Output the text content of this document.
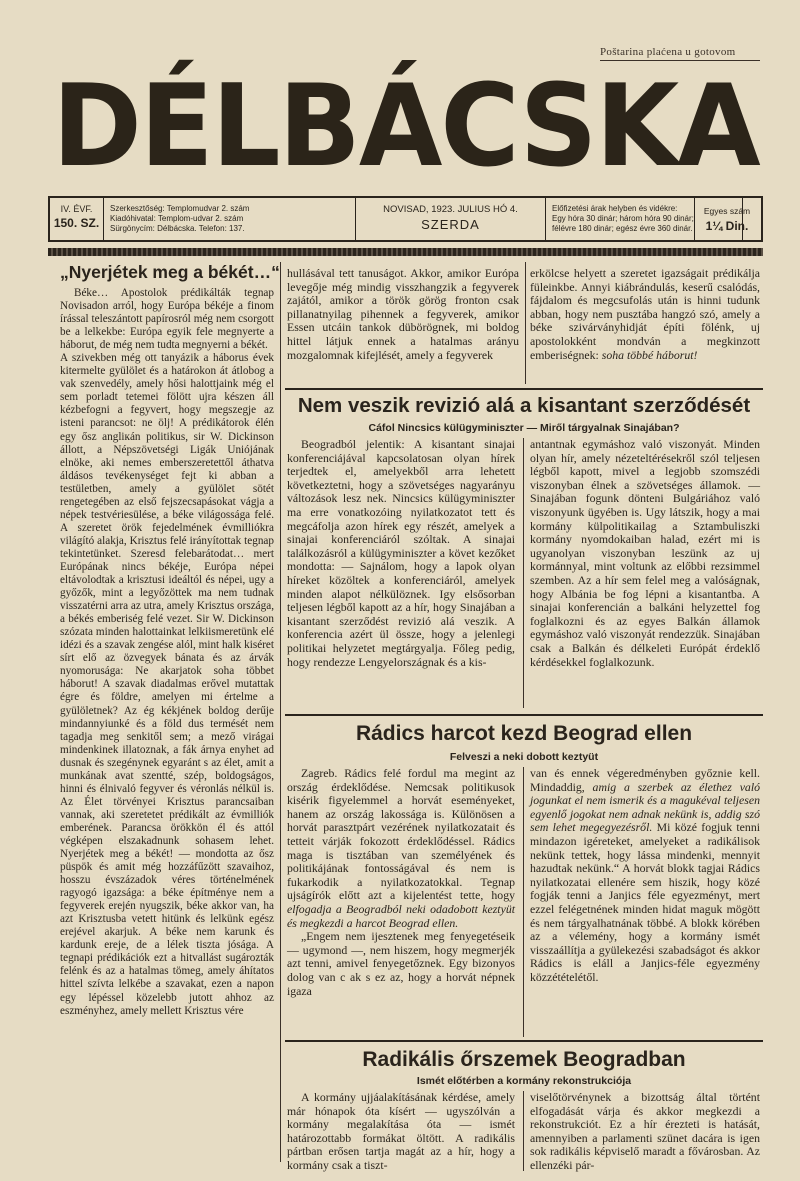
Poštarina plaćena u gotovom
DÉLBÁCSKA
IV. ÉVF.
150. SZ.
Szerkesztőség: Templomudvar 2. szám
Kiadóhivatal: Templom-udvar 2. szám
Sürgönycím: Délbácska. Telefon: 137.
NOVISAD, 1923. JULIUS HÓ 4.
SZERDA
Előfizetési árak helyben és vidékre:
Egy hóra 30 dinár; három hóra 90 dinár;
félévre 180 dinár; egész évre 360 dinár.
Egyes szám
1¼ Din.
„Nyerjétek meg a békét…“

Béke… Apostolok prédikálták tegnap Novisadon arról, hogy Európa békéje a finom írással teleszántott papírosról még nem csorgott be a lelkekbe: Európa egyik fele megnyerte a háborut, de még nem tudta megnyerni a békét.

A szivekben még ott tanyázik a háborus évek kitermelte gyülölet és a határokon át átlobog a vak szenvedély, amely hősi halottjaink még el sem porladt tetemei fölött ujra készen áll kézbefogni a fegyvert, hogy megszegje az isteni parancsot: ne ölj! A prédikátorok élén egy ősz angliкán politikus, sir W. Dickinson állott, a Népszövetségi Ligák Uniójának elnöke, aki nemes emberszeretettől áthatva áldásos tevékenységet fejt ki abban a testületben, amely a gyülölet sötét rengetegében az első fejszecsapásokat vágja a népek testvériesülése, a béke világossága felé. A szeretet örök fejedelmének évmilliókra világító alakja, Krisztus felé irányítottak tegnap tekintetünket. Szeresd felebarátodat… mert Európának nincs békéje, Európa népei eltávolodtak a krisztusi ideáltól és népei, ugy a győzők, mint a legyőzöttek ma nem tudnak visszatérni arra az utra, amely Krisztus országa, a békés emberiség felé vezet. Sir W. Dickinson szózata minden halottainkat lelkiismeretünk elé idézi és a szavak zengése alól, mint halk kiséret sírt elő az özvegyek bánata és az árvák nyomorusága: Ne akarjatok soha többet háborut! A szavak diadalmas erővel mutattak égre és földre, amelyen mi értelme a gyülöletnek? Az ég kékjének boldog derűje mindannyiunké és a föld dus termését nem tagadja meg senkitől sem; a mező virágai mindenkinek illatoznak, a fák árnya enyhet ad dusnak és szegénynek egyaránt s az élet, amit a munkának avat szentté, szép, boldogságos, hinni és élnivaló fegyver és véronlás nélkül is. Az Élet törvényei Krisztus parancsaiban vannak, aki szeretetet prédikált az évmilliók emberének. Parancsa örökkön él és attól végképen elszakadnunk sohasem lehet. Nyerjétek meg a békét! — mondotta az ősz püspök és amit még hozzáfűzött szavaihoz, hosszu évszázadok véres történelmének ragyogó igazsága: a béke építménye nem a fegyverek erején nyugszik, béke akkor van, ha azt Krisztusba vetett hitünk és lelkünk egész erejével akarjuk. A béke nem karunk és kardunk ereje, de a lélek tiszta jósága. A tegnapi prédikációk ezt a hitvallást sugározták felénk és az a hatalmas tömeg, amely áhítatos hittel szívta lelkébe a szavakat, ezen a napon egy lépéssel közelebb jutott ahhoz az eszményhez, amely mellett Krisztus vére

hullásával tett tanuságot. Akkor, amikor Európa levegője még mindig visszhangzik a fegyverek zajától, amikor a török görög fronton csak pillanatnyilag pihennek a fegyverek, amikor Essen utcáin tankok dübörögnek, mi boldog hittel látjuk ennek a hatalmas arányu mozgalomnak kifejlését, amely a fegyverek
erkölcse helyett a szeretet igazságait prédikálja füleinkbe. Annyi kiábrándulás, keserű csalódás, fájdalom és megcsufolás után is hinni tudunk abban, hogy nem pusztába hangzó szó, amely a béke szivárványhidját építi fölénk, uj apostolokként mondván a megkinzott emberiségnek: soha többé háborut!
Nem veszik revizió alá a kisantant szerződését
Cáfol Nincsics külügyminiszter — Miről tárgyalnak Sinajában?

Beogradból jelentik: A kisantant sinajai konferenciájával kapcsolatosan olyan hírek terjedtek el, amelyekből arra lehetett következtetni, hogy a szövetséges nagyarányu változások lesz nek. Nincsics külügyminiszter ma erre vonatkozóing nyilatkozatot tett és megcáfolja azon hírek egy részét, amelyek a sinajai konferenciáról szóltak. A sinajai találkozásról a külügyminiszter a követ kezőket mondotta: — Sajnálom, hogy a lapok olyan híreket közöltek a konferenciáról, amelyek minden alapot nélkülöznek. Igy elsősorban teljesen légből kapott az a hír, hogy Sinajában a kisantant szerződést revizió alá veszik. A konferencia azért ül össze, hogy a jelenlegi politikai helyzetet megtárgyalja. Főleg pedig, hogy rendezze Lengyelországnak és a kis-

antantnak egymáshoz való viszonyát. Minden olyan hír, amely nézeteltérésekről szól teljesen légből kapott, mivel a legjobb szomszédi viszonyban élnek a szövetséges államok. — Sinajában fogunk dönteni Bulgáriához való viszonyunk ügyében is. Ugy látszik, hogy a mai kormány külpolitikailag a Sztambuliszki kormány nyomdokaiban halad, ezért mi is ugyanolyan viszonyban leszünk az uj kormánnyal, mint voltunk az előbbi rezsimmel szemben. Az a hír sem felel meg a valóságnak, hogy Albánia be fog lépni a kisantantba. A sinajai konferencián a balkáni helyzettel fog foglalkozni és az egyes Balkán államok egymáshoz való viszonyát rendezzük. Sinajában csak a Balkán és délkeleti Európát érdeklő kérdésekkel foglalkozunk.

Rádics harcot kezd Beograd ellen
Felveszi a neki dobott keztyüt

Zagreb. Rádics felé fordul ma megint az ország érdeklődése. Nemcsak politikusok kisérik figyelemmel a horvát eseményeket, hanem az ország lakossága is. Különösen a horvát parasztpárt vezérének nyilatkozatait és tetteit várják fokozott érdeklődéssel. Rádics maga is tisztában van személyének és politikájának fontosságával és nem is fukarkodik a nyilatkozatokkal. Tegnap ujságírók előtt azt a kijelentést tette, hogy elfogadja a Beogradból neki odadobott keztyüt és megkezdi a harcot Beograd ellen.

„Engem nem ijesztenek meg fenyegetéseik — ugymond —, nem hiszem, hogy megmerjék azt tenni, amivel fenyegetőznek. Egy bizonyos dolog van c ak s ez az, hogy a horvát népnek igaza

van és ennek végeredményben győznie kell. Mindaddig, amig a szerbek az élethez való jogunkat el nem ismerik és a magukéval teljesen egyenlő jogokat nem adnak nekünk is, addig szó sem lehet megegyezésről. Mi közé fogjuk tenni mindazon igéreteket, amelyeket a radikálisok nekünk tettek, hogy lássa mindenki, mennyit hazudtak nekünk.“ A horvát blokk tagjai Rádics nyilatkozatai ellenére sem hiszik, hogy közé fogják tenni a Janjics féle egyezményt, mert ezzel felégetnének minden hidat maguk mögött és nem tárgyalhatnának többé. A blokk körében az a vélemény, hogy a kormány ismét visszaállítja a gyülekezési szabadságot és akkor Rádics is eláll a Janjics-féle egyezmény közzétételétől.

Radikális őrszemek Beogradban
Ismét előtérben a kormány rekonstrukciója

A kormány ujjáalakításának kérdése, amely már hónapok óta kísért — ugyszólván a kormány megalakítása óta — ismét határozottabb formákat öltött. A radikális pártban erősen tartja magát az a hír, hogy a kormány csak a tiszt-

viselőtörvénynek a bizottság által történt elfogadását várja és akkor megkezdi a rekonstrukciót. Ez a hír érezteti is hatását, amennyiben a parlamenti szünet dacára is igen sok radikális képviselő maradt a fővárosban. Az ellenzéki pár-
